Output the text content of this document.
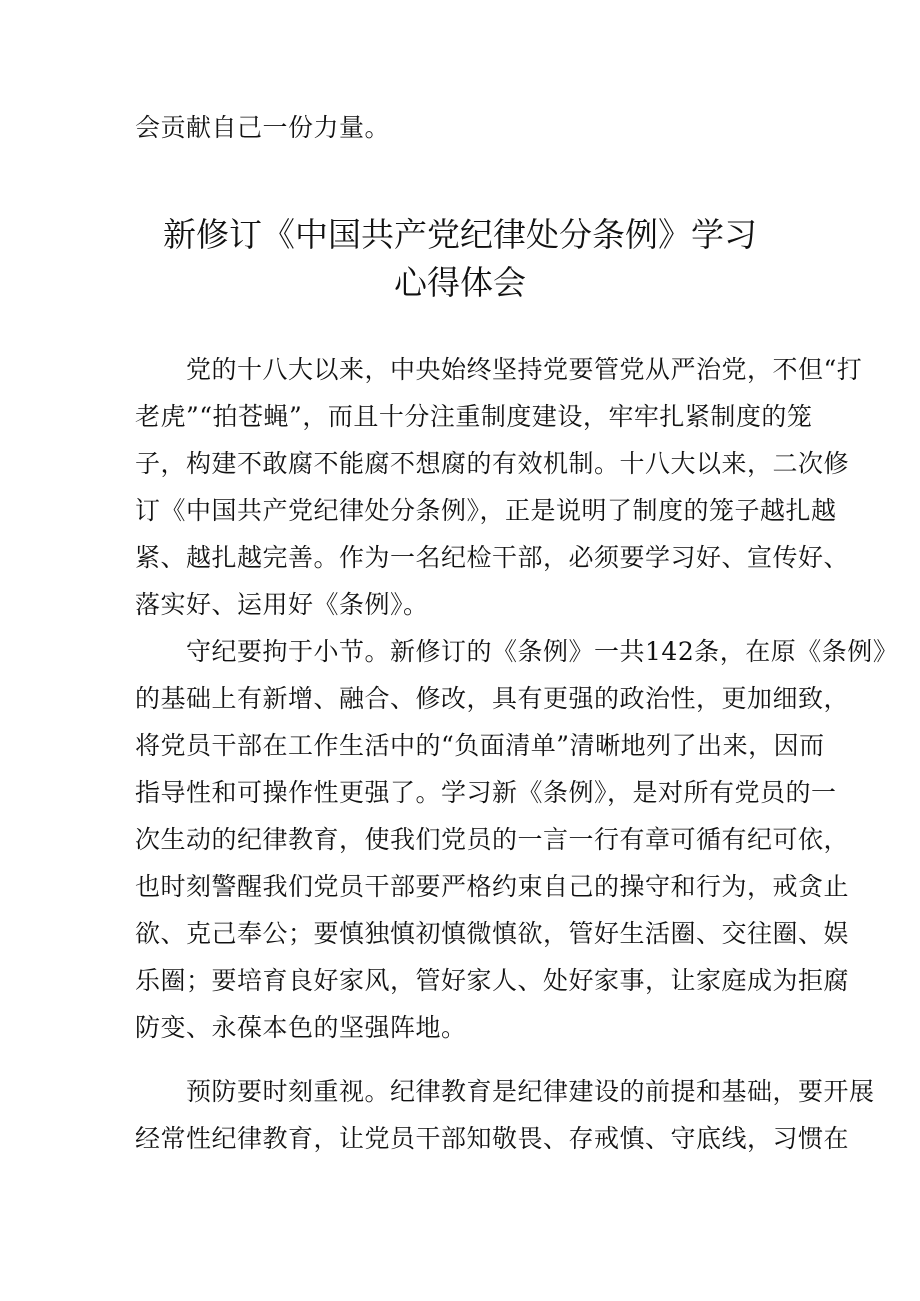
会贡献自己一份力量。
新修订《中国共产党纪律处分条例》学习
心得体会
　　党的十八大以来，中央始终坚持党要管党从严治党，不但“打
老虎”“拍苍蝇”，而且十分注重制度建设，牢牢扎紧制度的笼
子，构建不敢腐不能腐不想腐的有效机制。十八大以来，二次修
订《中国共产党纪律处分条例》，正是说明了制度的笼子越扎越
紧、越扎越完善。作为一名纪检干部，必须要学习好、宣传好、
落实好、运用好《条例》。
　　守纪要拘于小节。新修订的《条例》一共142条，在原《条例》
的基础上有新增、融合、修改，具有更强的政治性，更加细致，
将党员干部在工作生活中的“负面清单”清晰地列了出来，因而
指导性和可操作性更强了。学习新《条例》，是对所有党员的一
次生动的纪律教育，使我们党员的一言一行有章可循有纪可依，
也时刻警醒我们党员干部要严格约束自己的操守和行为，戒贪止
欲、克己奉公；要慎独慎初慎微慎欲，管好生活圈、交往圈、娱
乐圈；要培育良好家风，管好家人、处好家事，让家庭成为拒腐
防变、永葆本色的坚强阵地。
　　预防要时刻重视。纪律教育是纪律建设的前提和基础，要开展
经常性纪律教育，让党员干部知敬畏、存戒慎、守底线，习惯在
